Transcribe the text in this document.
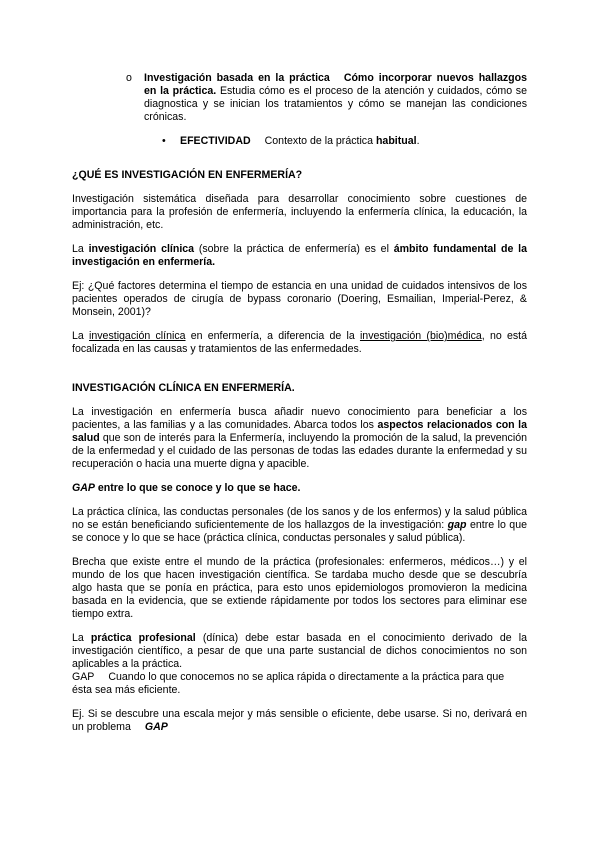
o Investigación basada en la práctica Cómo incorporar nuevos hallazgos en la práctica. Estudia cómo es el proceso de la atención y cuidados, cómo se diagnostica y se inician los tratamientos y cómo se manejan las condiciones crónicas.

• EFECTIVIDAD Contexto de la práctica habitual.

¿QUÉ ES INVESTIGACIÓN EN ENFERMERÍA?

Investigación sistemática diseñada para desarrollar conocimiento sobre cuestiones de importancia para la profesión de enfermería, incluyendo la enfermería clínica, la educación, la administración, etc.

La investigación clínica (sobre la práctica de enfermería) es el ámbito fundamental de la investigación en enfermería.

Ej: ¿Qué factores determina el tiempo de estancia en una unidad de cuidados intensivos de los pacientes operados de cirugía de bypass coronario (Doering, Esmailian, Imperial-Perez, & Monsein, 2001)?

La investigación clínica en enfermería, a diferencia de la investigación (bio)médica, no está focalizada en las causas y tratamientos de las enfermedades.

INVESTIGACIÓN CLÍNICA EN ENFERMERÍA.

La investigación en enfermería busca añadir nuevo conocimiento para beneficiar a los pacientes, a las familias y a las comunidades. Abarca todos los aspectos relacionados con la salud que son de interés para la Enfermería, incluyendo la promoción de la salud, la prevención de la enfermedad y el cuidado de las personas de todas las edades durante la enfermedad y su recuperación o hacia una muerte digna y apacible.

GAP entre lo que se conoce y lo que se hace.

La práctica clínica, las conductas personales (de los sanos y de los enfermos) y la salud pública no se están beneficiando suficientemente de los hallazgos de la investigación: gap entre lo que se conoce y lo que se hace (práctica clínica, conductas personales y salud pública).

Brecha que existe entre el mundo de la práctica (profesionales: enfermeros, médicos…) y el mundo de los que hacen investigación científica. Se tardaba mucho desde que se descubría algo hasta que se ponía en práctica, para esto unos epidemiologos promovieron la medicina basada en la evidencia, que se extiende rápidamente por todos los sectores para eliminar ese tiempo extra.

La práctica profesional (dínica) debe estar basada en el conocimiento derivado de la investigación científico, a pesar de que una parte sustancial de dichos conocimientos no son aplicables a la práctica.

GAP Cuando lo que conocemos no se aplica rápida o directamente a la práctica para que ésta sea más eficiente.

Ej. Si se descubre una escala mejor y más sensible o eficiente, debe usarse. Si no, derivará en un problema GAP
